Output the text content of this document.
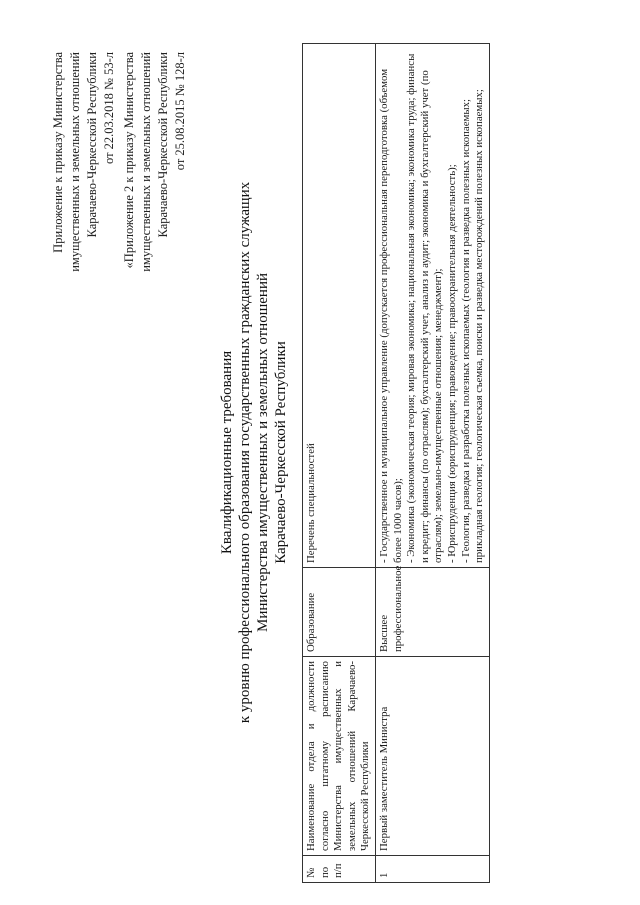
Приложение к приказу Министерства имущественных и земельных отношений Карачаево-Черкесской Республики от 22.03.2018 № 53-л «Приложение 2 к приказу Министерства имущественных и земельных отношений Карачаево-Черкесской Республики от 25.08.2015 № 128-л
Квалификационные требования к уровню профессионального образования государственных гражданских служащих Министерства имущественных и земельных отношений Карачаево-Черкесской Республики
№ по п/п	Наименование отдела и должности согласно штатному расписанию Министерства имущественных и земельных отношений Карачаево-Черкесской Республики	Образование	Перечень специальностей
1	Первый заместитель Министра	Высшее профессиональное	- Государственное и муниципальное управление (допускается профессиональная переподготовка (объемом более 1000 часов); - Экономика (экономическая теория; мировая экономика; национальная экономика; экономика труда; финансы и кредит; финансы (по отраслям); бухгалтерский учет, анализ и аудит; экономика и бухгалтерский учет (по отраслям); земельно-имущественные отношения; менеджмент); - Юриспруденция (юриспруденция; правоведение; правоохранительная деятельность); - Геология, разведка и разработка полезных ископаемых (геология и разведка полезных ископаемых; прикладная геология; геологическая съемка, поиски и разведка месторождений полезных ископаемых;
